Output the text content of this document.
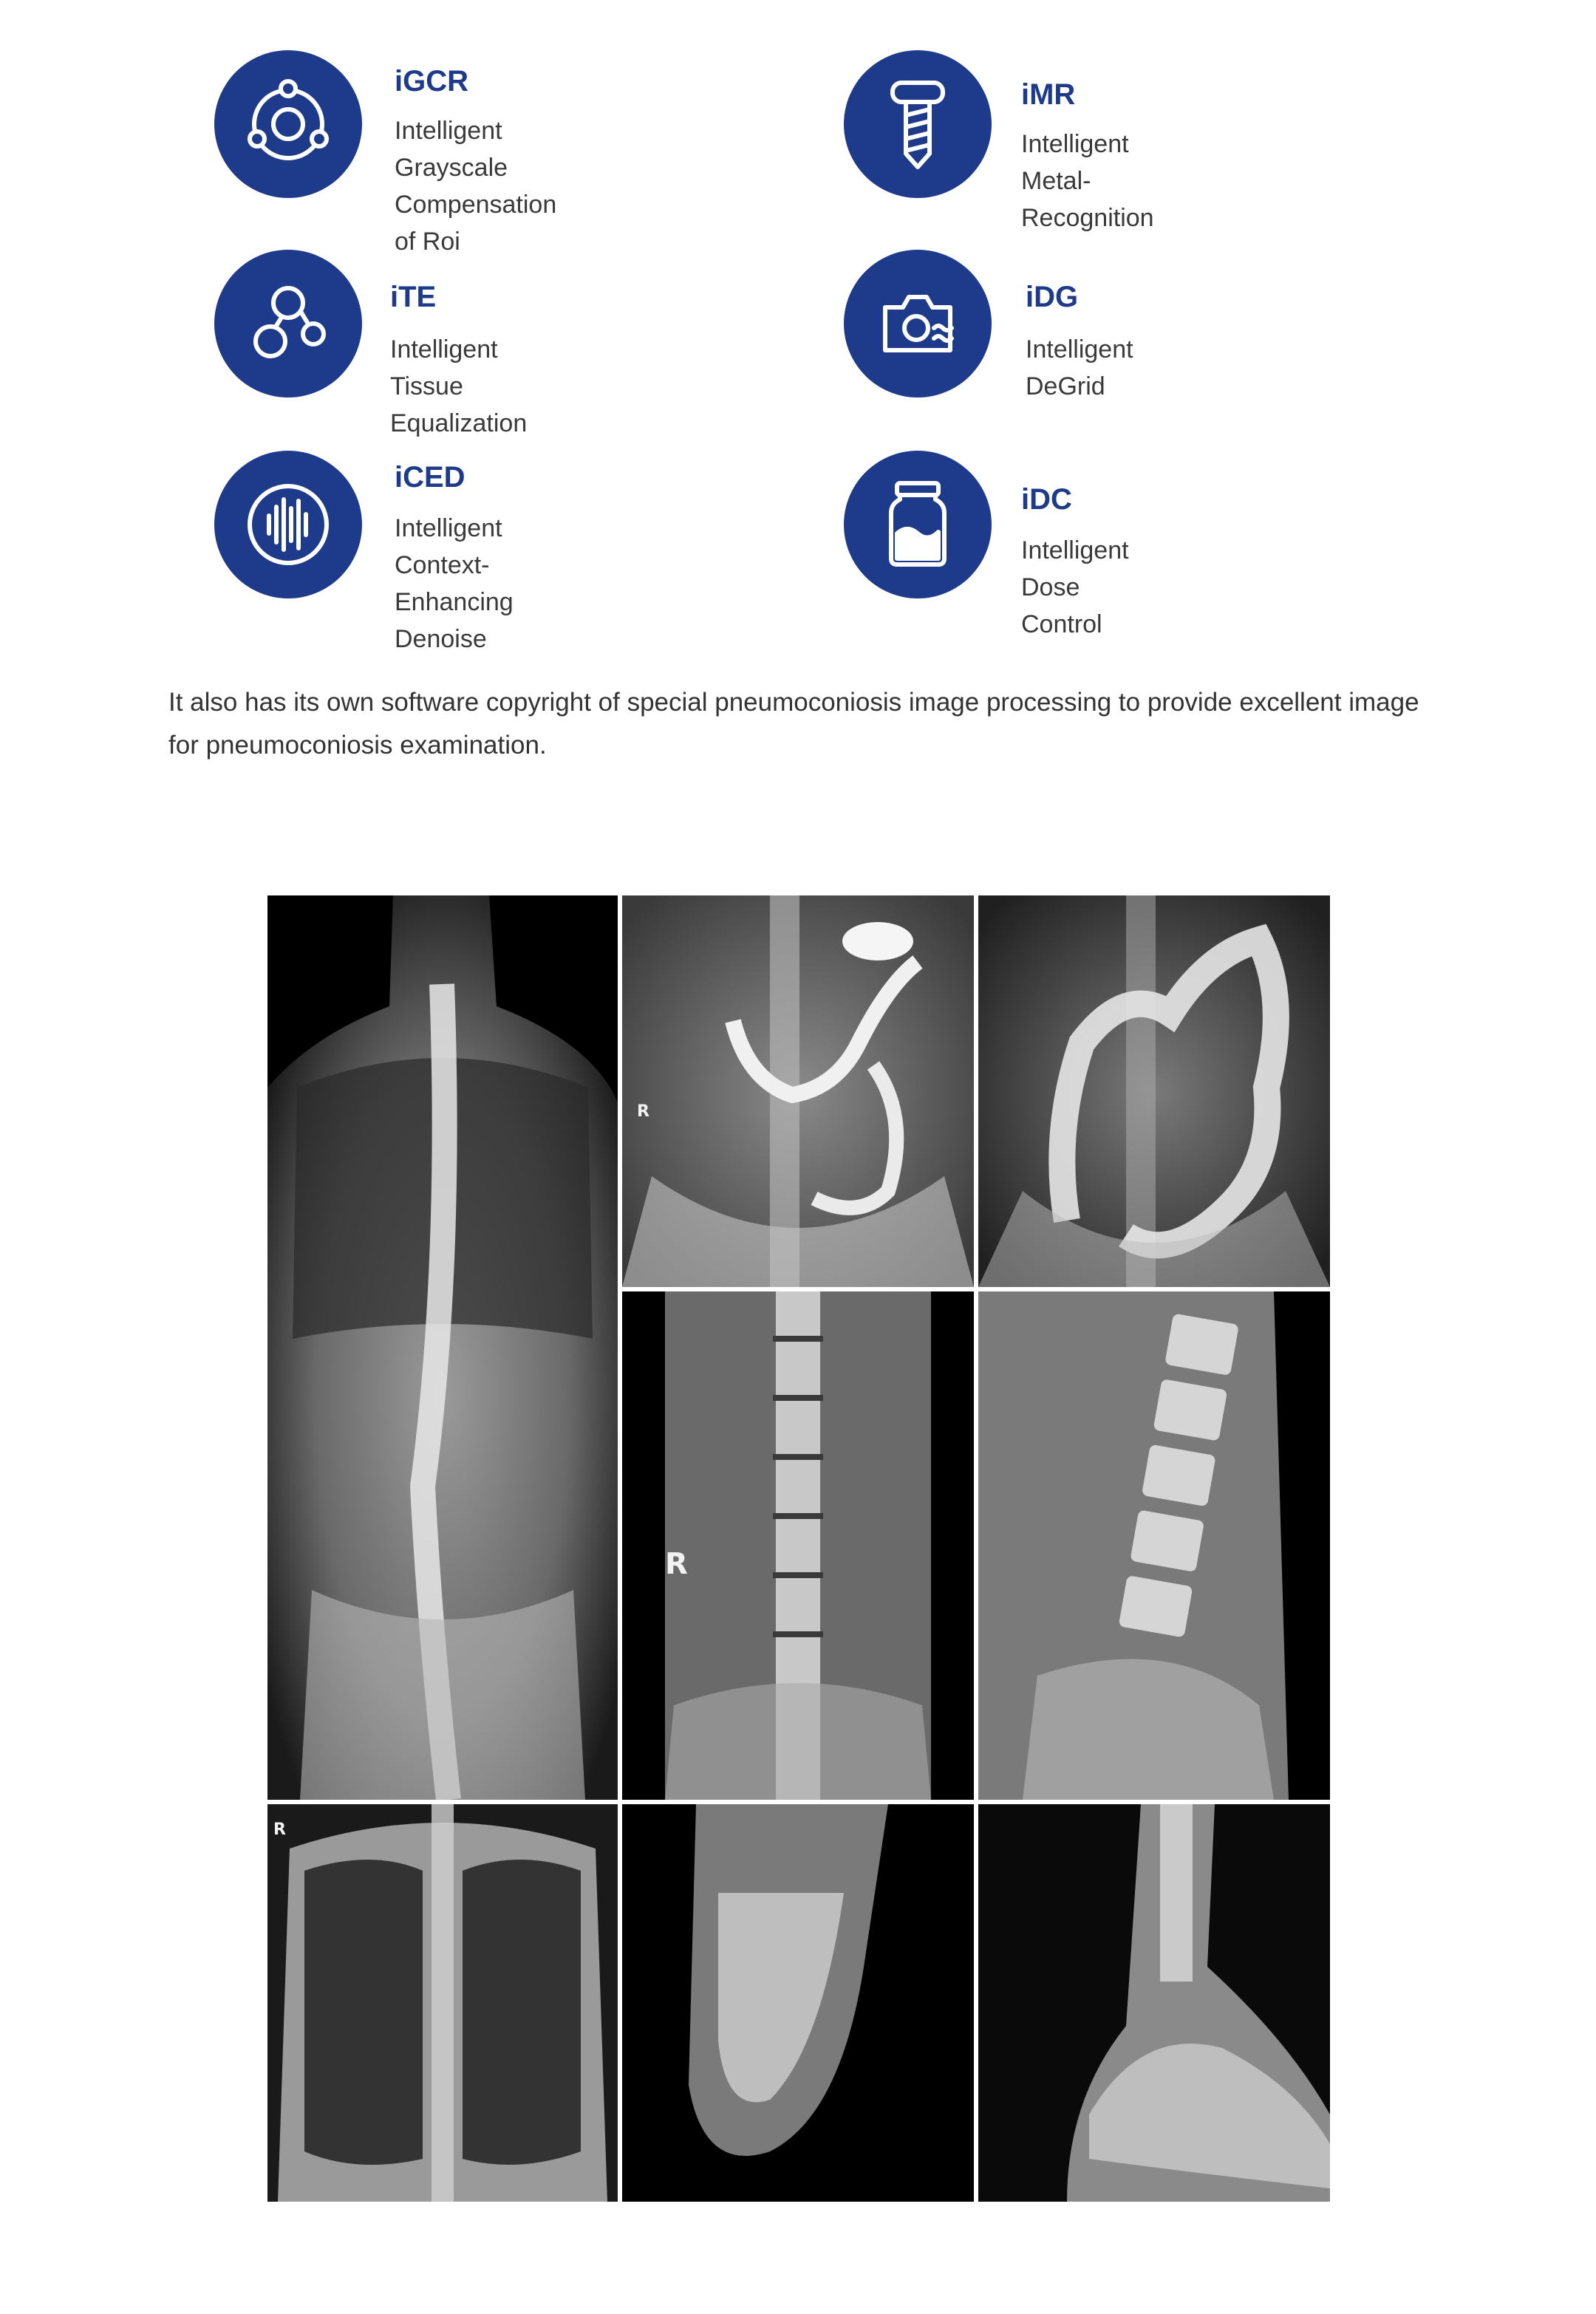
iGCR
Intelligent Grayscale
Compensation of Roi
iMR
Intelligent Metal-Recognition
iTE
Intelligent Tissue Equalization
iDG
Intelligent DeGrid
iCED
Intelligent Context-
Enhancing Denoise
iDC
Intelligent Dose Control
It also has its own software copyright of special pneumoconiosis image processing to provide excellent image for pneumoconiosis examination.
R
R
R
